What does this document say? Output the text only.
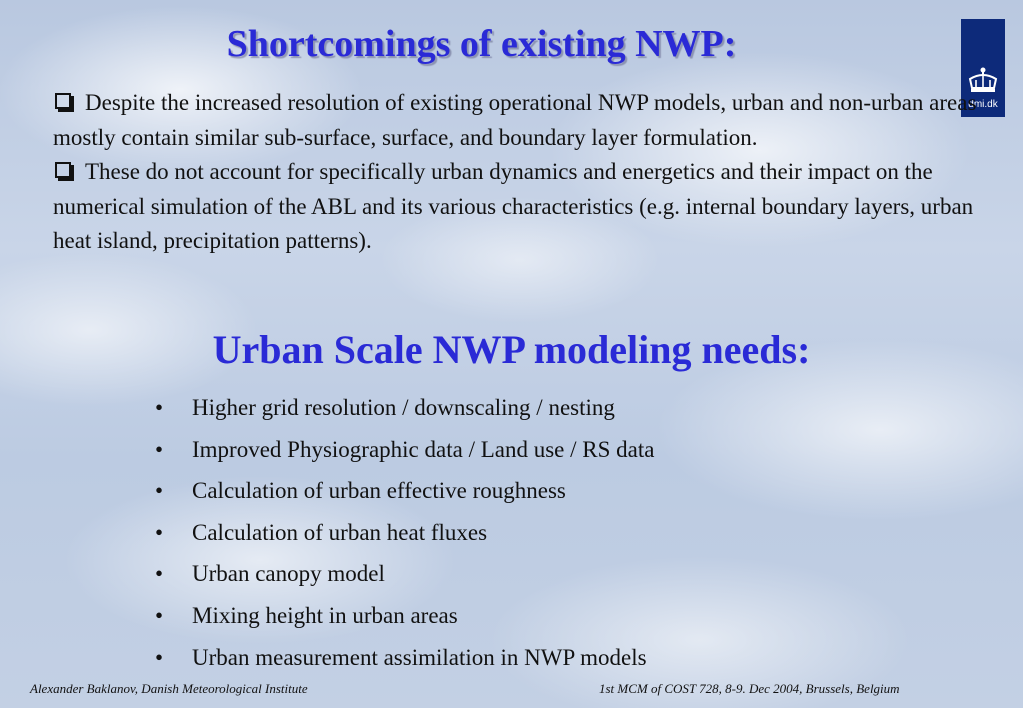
Shortcomings of existing NWP:
dmi.dk

Despite the increased resolution of existing operational NWP models, urban and non-urban areas mostly contain similar sub-surface, surface, and boundary layer formulation.

These do not account for specifically urban dynamics and energetics and their impact on the numerical simulation of the ABL and its various characteristics (e.g. internal boundary layers, urban heat island, precipitation patterns).

Urban Scale NWP modeling needs:
• Higher grid resolution / downscaling / nesting
• Improved Physiographic data / Land use / RS data
• Calculation of urban effective roughness
• Calculation of urban heat fluxes
• Urban canopy model
• Mixing height in urban areas
• Urban measurement assimilation in NWP models
Alexander Baklanov, Danish Meteorological Institute	1st MCM of COST 728, 8-9. Dec 2004, Brussels, Belgium
